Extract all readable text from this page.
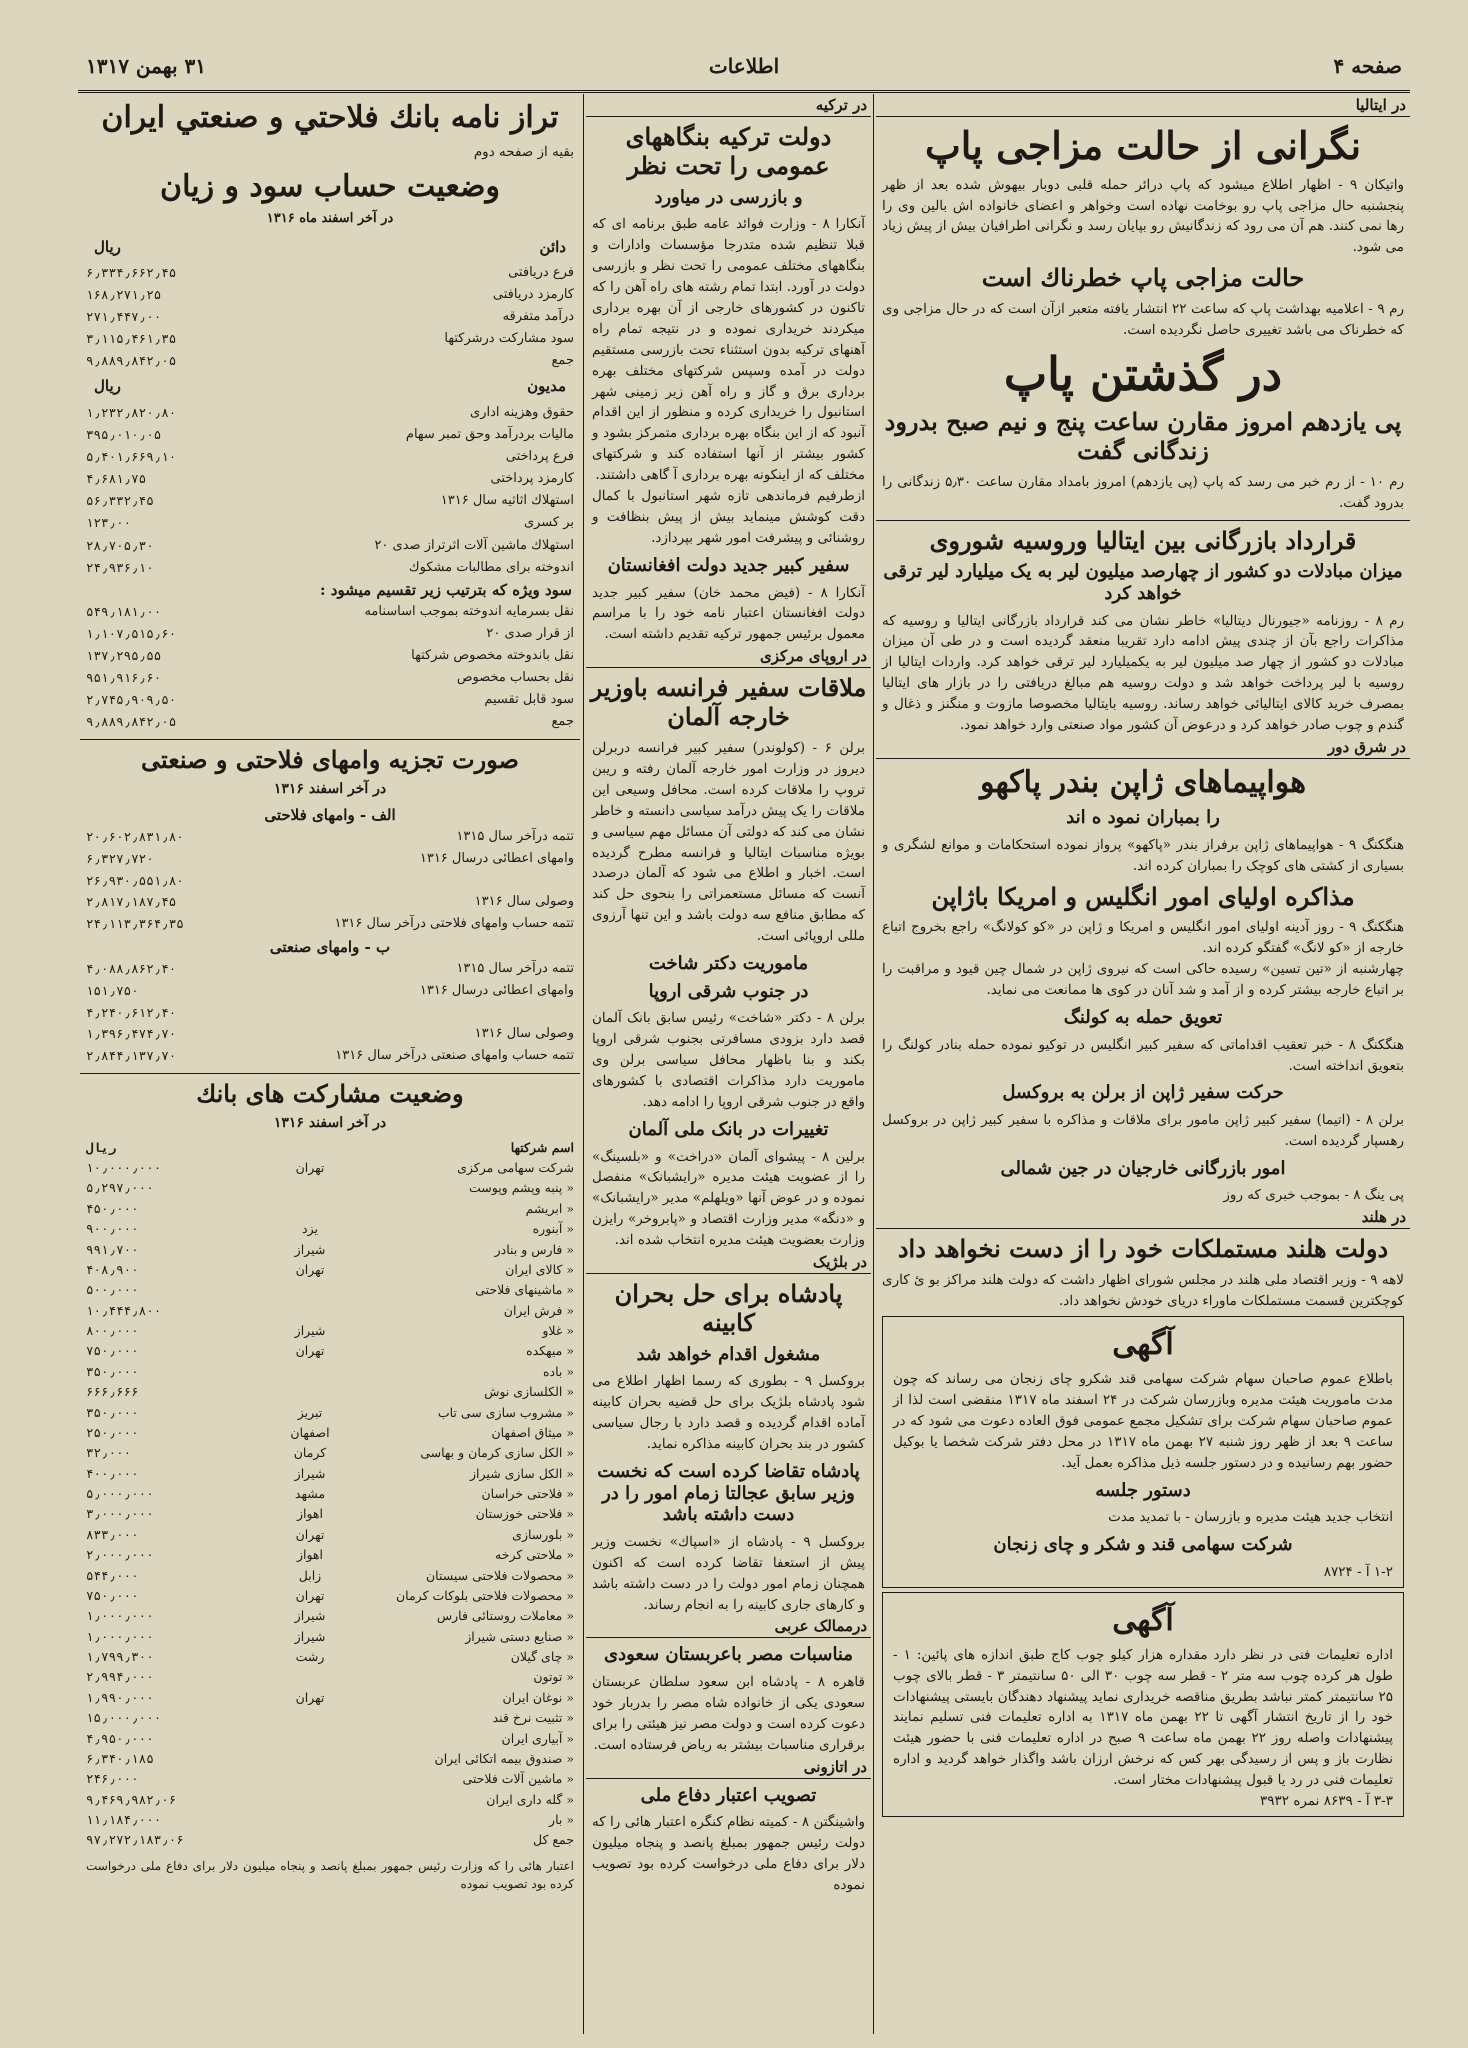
صفحه ۴
اطلاعات
۳۱ بهمن ۱۳۱۷
در ایتالیا
نگرانی از حالت مزاجی پاپ
واتیکان ۹ - اظهار اطلاع میشود که پاپ درائر حمله قلبی دوبار بیهوش شده بعد از ظهر پنجشنبه حال مزاجی پاپ رو بوخامت نهاده است وخواهر و اعضای خانواده اش بالین وی را رها نمی کنند. هم آن می رود که زندگانیش رو بپایان رسد و نگرانی اطرافیان بیش از پیش زیاد می شود.
حالت مزاجی پاپ خطرناك است
رم ۹ - اعلامیه بهداشت پاپ که ساعت ۲۲ انتشار یافته متعبر ازآن است که در حال مزاجی وی که خطرناک می باشد تغییری حاصل نگردیده است.
در گذشتن پاپ
پی یازدهم امروز مقارن ساعت پنج و نیم صبح بدرود زندگانی گفت
رم ۱۰ - از رم خبر می رسد که پاپ (پی یازدهم) امروز بامداد مقارن ساعت ۵٫۳۰ زندگانی را بدرود گفت.
قرارداد بازرگانی بین ایتالیا وروسیه شوروی
میزان مبادلات دو کشور از چهارصد میلیون لیر به یک میلیارد لیر ترقی خواهد کرد
رم ۸ - روزنامه «جیورنال دیتالیا» خاطر نشان می کند قرارداد بازرگانی ایتالیا و روسیه که مذاکرات راجع بآن از چندی پیش ادامه دارد تقریبا منعقد گردیده است و در طی آن میزان مبادلات دو کشور از چهار صد میلیون لیر به یکمیلیارد لیر ترقی خواهد کرد. واردات ایتالیا از روسیه با لیر پرداخت خواهد شد و دولت روسیه هم مبالغ دریافتی را در بازار های ایتالیا بمصرف خرید کالای ایتالیائی خواهد رساند. روسیه بایتالیا مخصوصا مازوت و منگنز و ذغال و گندم و چوب صادر خواهد کرد و درعوض آن کشور مواد صنعتی وارد خواهد نمود.
در شرق دور
هواپیماهای ژاپن بندر پاکهو
را بمباران نمود ه اند
هنگکنگ ۹ - هواپیماهای ژاپن برفراز بندر «پاکهو» پرواز نموده استحکامات و موانع لشگری و بسیاری از کشتی های کوچک را بمباران کرده اند.
مذاکره اولیای امور انگلیس و امریکا باژاپن
هنگکنگ ۹ - روز آدینه اولیای امور انگلیس و امریکا و ژاپن در «کو کولانگ» راجع بخروج اتباع خارجه از «کو لانگ» گفتگو کرده اند.
چهارشنبه از «تین تسین» رسیده حاکی است که نیروی ژاپن در شمال چین قیود و مراقبت را بر اتباع خارجه بیشتر کرده و از آمد و شد آنان در کوی ها ممانعت می نماید.
تعویق حمله به کولنگ
هنگکنگ ۸ - خبر تعقیب اقداماتی که سفیر کبیر انگلیس در توکیو نموده حمله بنادر کولنگ را بتعویق انداخته است.
حرکت سفیر ژاپن از برلن به بروکسل
برلن ۸ - (اتیما) سفیر کبیر ژاپن مامور برای ملاقات و مذاکره با سفیر کبیر ژاپن در بروکسل رهسپار گردیده است.
امور بازرگانی خارجیان در جین شمالی
پی ینگ ۸ - بموجب خبری که روز
در هلند
دولت هلند مستملکات خود را از دست نخواهد داد
لاهه ۹ - وزیر اقتصاد ملی هلند در مجلس شورای اظهار داشت که دولت هلند مراکز بو ئ کاری کوچکترین قسمت مستملکات ماوراء دریای خودش نخواهد داد.
آگهی
باطلاع عموم صاحبان سهام شرکت سهامی قند شکرو چای زنجان می رساند که چون مدت ماموریت هیئت مدیره وبازرسان شرکت در ۲۴ اسفند ماه ۱۳۱۷ منقضی است لذا از عموم صاحبان سهام شرکت برای تشکیل مجمع عمومی فوق العاده دعوت می شود که در ساعت ۹ بعد از ظهر روز شنبه ۲۷ بهمن ماه ۱۳۱۷ در محل دفتر شرکت شخصا یا بوکیل حضور بهم رسانیده و در دستور جلسه ذیل مذاکره بعمل آید.
دستور جلسه
انتخاب جدید هیئت مدیره و بازرسان - با تمدید مدت
شرکت سهامی قند و شکر و چای زنجان
۱-۲ آ - ۸۷۲۴
آگهی
اداره تعلیمات فنی در نظر دارد مقداره هزار کیلو چوب کاج طبق اندازه های پائین: ۱ - طول هر کرده چوب سه متر ۲ - قطر سه چوب ۳۰ الی ۵۰ سانتیمتر ۳ - قطر بالای چوب ۲۵ سانتیمتر کمتر نباشد بطریق مناقصه خریداری نماید پیشنهاد دهندگان بایستی پیشنهادات خود را از تاریخ انتشار آگهی تا ۲۲ بهمن ماه ۱۳۱۷ به اداره تعلیمات فنی تسلیم نمایند پیشنهادات واصله روز ۲۲ بهمن ماه ساعت ۹ صبح در اداره تعلیمات فنی با حضور هیئت نظارت باز و پس از رسیدگی بهر کس که نرخش ارزان باشد واگذار خواهد گردید و اداره تعلیمات فنی در رد یا قبول پیشنهادات مختار است.
۳-۳ آ - ۸۶۳۹ نمره ۳۹۳۲
در ترکیه
دولت ترکیه بنگاههای عمومی را تحت نظر
و بازرسی در میاورد
آنکارا ۸ - وزارت فوائد عامه طبق برنامه ای که قبلا تنظیم شده متدرجا مؤسسات وادارات و بنگاههای مختلف عمومی را تحت نظر و بازرسی دولت در آورد. ابتدا تمام رشته های راه آهن را که تاکنون در کشورهای خارجی از آن بهره برداری میکردند خریداری نموده و در نتیجه تمام راه آهنهای ترکیه بدون استثناء تحت بازرسی مستقیم دولت در آمده وسپس شرکتهای مختلف بهره برداری برق و گاز و راه آهن زیر زمینی شهر استانبول را خریداری کرده و منظور از این اقدام آنبود که از این بنگاه بهره برداری متمرکز بشود و کشور بیشتر از آنها استفاده کند و شرکتهای مختلف که از اینکونه بهره برداری آ گاهی داشتند.
ازطرفیم فرماندهی تازه شهر استانبول با کمال دقت کوشش مینماید بیش از پیش بنظافت و روشنائی و پیشرفت امور شهر بپردازد.
سفیر کبیر جدید دولت افغانستان
آنکارا ۸ - (فیض محمد خان) سفیر کبیر جدید دولت افغانستان اعتبار نامه خود را با مراسم معمول برئیس جمهور ترکیه تقدیم داشته است.
در اروپای مرکزی
ملاقات سفیر فرانسه باوزیر خارجه آلمان
برلن ۶ - (کولوندر) سفیر کبیر فرانسه دربرلن دیروز در وزارت امور خارجه آلمان رفته و ریبن تروپ را ملاقات کرده است. محافل وسیعی این ملاقات را یک پیش درآمد سیاسی دانسته و خاطر نشان می کند که دولتی آن مسائل مهم سیاسی و بویژه مناسبات ایتالیا و فرانسه مطرح گردیده است. اخبار و اطلاع می شود که آلمان درصدد آنست که مسائل مستعمراتی را بنحوی حل کند که مطابق منافع سه دولت باشد و این تنها آرزوی مللی اروپائی است.
ماموریت دکتر شاخت
در جنوب شرقی اروپا
برلن ۸ - دکتر «شاخت» رئیس سابق بانک آلمان قصد دارد بزودی مسافرتی بجنوب شرقی اروپا بکند و بنا باظهار محافل سیاسی برلن وی ماموریت دارد مذاکرات اقتصادی با کشورهای واقع در جنوب شرقی اروپا را ادامه دهد.
تغییرات در بانک ملی آلمان
برلین ۸ - پیشوای آلمان «دراخت» و «بلسینگ» را از عضویت هیئت مدیره «رایشبانک» منفصل نموده و در عوض آنها «ویلهلم» مدیر «رایشبانک» و «دنگه» مدیر وزارت اقتصاد و «پابروخر» رایزن وزارت بعضویت هیئت مدیره انتخاب شده اند.
در بلژیک
پادشاه برای حل بحران کابینه
مشغول اقدام خواهد شد
بروکسل ۹ - بطوری که رسما اظهار اطلاع می شود پادشاه بلژیک برای حل قضیه بحران کابینه آماده اقدام گردیده و قصد دارد با رجال سیاسی کشور در بند بحران کابینه مذاکره نماید.
پادشاه تقاضا کرده است که نخست وزیر سابق عجالتا زمام امور را در دست داشته باشد
بروکسل ۹ - پادشاه از «اسپاك» نخست وزیر پیش از استعفا تقاضا کرده است که اکنون همچنان زمام امور دولت را در دست داشته باشد و کارهای جاری کابینه را به انجام رساند.
درممالک عربی
مناسبات مصر باعربستان سعودی
قاهره ۸ - پادشاه ابن سعود سلطان عربستان سعودی یکی از خانواده شاه مصر را بدربار خود دعوت کرده است و دولت مصر نیز هیئتی را برای برقراری مناسبات بیشتر به ریاض فرستاده است.
در اتازونی
تصویب اعتبار دفاع ملی
واشینگتن ۸ - کمیته نظام کنگره اعتبار هائی را که دولت رئیس جمهور بمبلغ پانصد و پنجاه میلیون دلار برای دفاع ملی درخواست کرده بود تصویب نموده
تراز نامه بانك فلاحتي و صنعتي ايران
بقیه از صفحه دوم
وضعیت حساب سود و زیان
در آخر اسفند ماه ۱۳۱۶
دائن
ریال
فرع دریافتی
۶٫۳۳۴٫۶۶۲٫۴۵
کارمزد دریافتی
۱۶۸٫۲۷۱٫۲۵
درآمد متفرقه
۲۷۱٫۴۴۷٫۰۰
سود مشارکت درشرکتها
۳٫۱۱۵٫۴۶۱٫۳۵
جمع
۹٫۸۸۹٫۸۴۲٫۰۵
مدیون
ریال
حقوق وهزینه اداری
۱٫۲۳۲٫۸۲۰٫۸۰
مالیات بردرآمد وحق تمبر سهام
۳۹۵٫۰۱۰٫۰۵
فرع پرداختی
۵٫۴۰۱٫۶۶۹٫۱۰
کارمزد پرداختی
۴٫۶۸۱٫۷۵
استهلاك اثاثیه سال ۱۳۱۶
۵۶٫۳۳۲٫۴۵
بر کسری
۱۲۳٫۰۰
استهلاك ماشین آلات اثرتراز صدی ۲۰
۲۸٫۷۰۵٫۳۰
اندوخته برای مطالبات مشکوك
۲۴٫۹۳۶٫۱۰
سود ویژه که بترتیب زیر تقسیم میشود :
نقل بسرمایه اندوخته بموجب اساسنامه
۵۴۹٫۱۸۱٫۰۰
از قرار صدی ۲۰
۱٫۱۰۷٫۵۱۵٫۶۰
نقل باندوخته مخصوص شرکتها
۱۳۷٫۲۹۵٫۵۵
نقل بحساب مخصوص
۹۵۱٫۹۱۶٫۶۰
سود قابل تقسیم
۲٫۷۴۵٫۹۰۹٫۵۰
جمع
۹٫۸۸۹٫۸۴۲٫۰۵
صورت تجزیه وامهای فلاحتی و صنعتی
در آخر اسفند ۱۳۱۶
الف - وامهای فلاحتی
تتمه درآخر سال ۱۳۱۵
۲۰٫۶۰۲٫۸۳۱٫۸۰
وامهای اعطائی درسال ۱۳۱۶
۶٫۳۲۷٫۷۲۰
۲۶٫۹۳۰٫۵۵۱٫۸۰
وصولی سال ۱۳۱۶
۲٫۸۱۷٫۱۸۷٫۴۵
تتمه حساب وامهای فلاحتی درآخر سال ۱۳۱۶
۲۴٫۱۱۳٫۳۶۴٫۳۵
ب - وامهای صنعتی
تتمه درآخر سال ۱۳۱۵
۴٫۰۸۸٫۸۶۲٫۴۰
وامهای اعطائی درسال ۱۳۱۶
۱۵۱٫۷۵۰
۴٫۲۴۰٫۶۱۲٫۴۰
وصولی سال ۱۳۱۶
۱٫۳۹۶٫۴۷۴٫۷۰
تتمه حساب وامهای صنعتی درآخر سال ۱۳۱۶
۲٫۸۴۴٫۱۳۷٫۷۰
وضعیت مشارکت های بانك
در آخر اسفند ۱۳۱۶
اسم شرکتها
ریال
شرکت سهامی مرکزی
تهران
۱۰٫۰۰۰٫۰۰۰
« پنبه وپشم وپوست
۵٫۲۹۷٫۰۰۰
« ابریشم
۴۵۰٫۰۰۰
« آبنوره
یزد
۹۰۰٫۰۰۰
« فارس و بنادر
شیراز
۹۹۱٫۷۰۰
« کالای ایران
تهران
۴۰۸٫۹۰۰
« ماشینهای فلاحتی
۵۰۰٫۰۰۰
« فرش ایران
۱۰٫۴۴۴٫۸۰۰
« غلاو
شیراز
۸۰۰٫۰۰۰
« میهکده
تهران
۷۵۰٫۰۰۰
« باده
۳۵۰٫۰۰۰
« الکلسازی نوش
۶۶۶٫۶۶۶
« مشروب سازی سی تاب
تبریز
۳۵۰٫۰۰۰
« میثاق اصفهان
اصفهان
۲۵۰٫۰۰۰
« الکل سازی کرمان و بهاسی
کرمان
۳۲٫۰۰۰
« الکل سازی شیراز
شیراز
۴۰۰٫۰۰۰
« فلاحتی خراسان
مشهد
۵٫۰۰۰٫۰۰۰
« فلاحتی خوزستان
اهواز
۳٫۰۰۰٫۰۰۰
« بلورسازی
تهران
۸۳۳٫۰۰۰
« ملاحتی کرخه
اهواز
۲٫۰۰۰٫۰۰۰
« محصولات فلاحتی سیستان
زابل
۵۴۴٫۰۰۰
« محصولات فلاحتی بلوکات کرمان
تهران
۷۵۰٫۰۰۰
« معاملات روستائی فارس
شیراز
۱٫۰۰۰٫۰۰۰
« صنایع دستی شیراز
شیراز
۱٫۰۰۰٫۰۰۰
« چای گیلان
رشت
۱٫۷۹۹٫۳۰۰
« توتون
۲٫۹۹۴٫۰۰۰
« نوغان ایران
تهران
۱٫۹۹۰٫۰۰۰
« تثبیت نرخ قند
۱۵٫۰۰۰٫۰۰۰
« آبیاری ایران
۴٫۹۵۰٫۰۰۰
« صندوق بیمه اتکائی ایران
۶٫۳۴۰٫۱۸۵
« ماشین آلات فلاحتی
۲۴۶٫۰۰۰
« گله داری ایران
۹٫۴۶۹٫۹۸۲٫۰۶
« بار
۱۱٫۱۸۴٫۰۰۰
جمع کل
۹۷٫۲۷۲٫۱۸۳٫۰۶
اعتبار هائی را که وزارت رئیس جمهور بمبلغ پانصد و پنجاه میلیون دلار برای دفاع ملی درخواست کرده بود تصویب نموده
